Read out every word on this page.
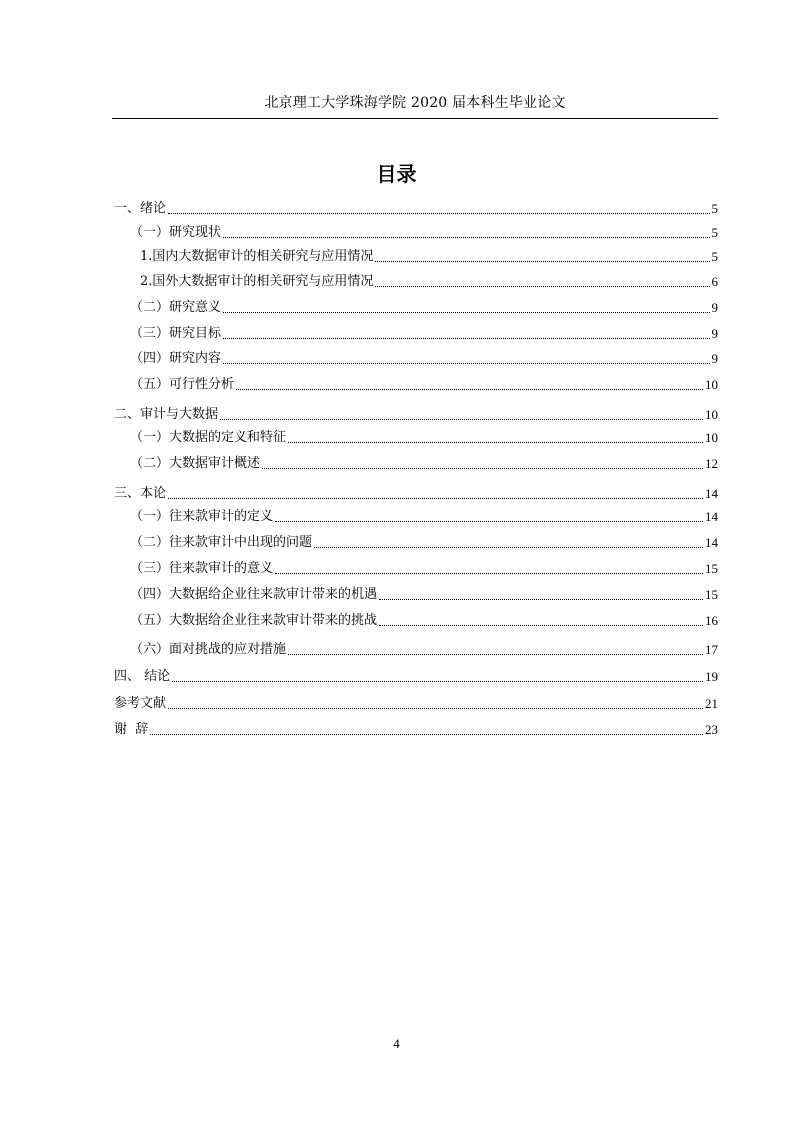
北京理工大学珠海学院 2020 届本科生毕业论文
目录
一、绪论	5
（一）研究现状	5
1.国内大数据审计的相关研究与应用情况	5
2.国外大数据审计的相关研究与应用情况	6
（二）研究意义	9
（三）研究目标	9
（四）研究内容	9
（五）可行性分析	10
二、审计与大数据	10
（一）大数据的定义和特征	10
（二）大数据审计概述	12
三、本论	14
（一）往来款审计的定义	14
（二）往来款审计中出现的问题	14
（三）往来款审计的意义	15
（四）大数据给企业往来款审计带来的机遇	15
（五）大数据给企业往来款审计带来的挑战	16
（六）面对挑战的应对措施	17
四、 结论	19
参考文献	21
谢  辞	23
4
